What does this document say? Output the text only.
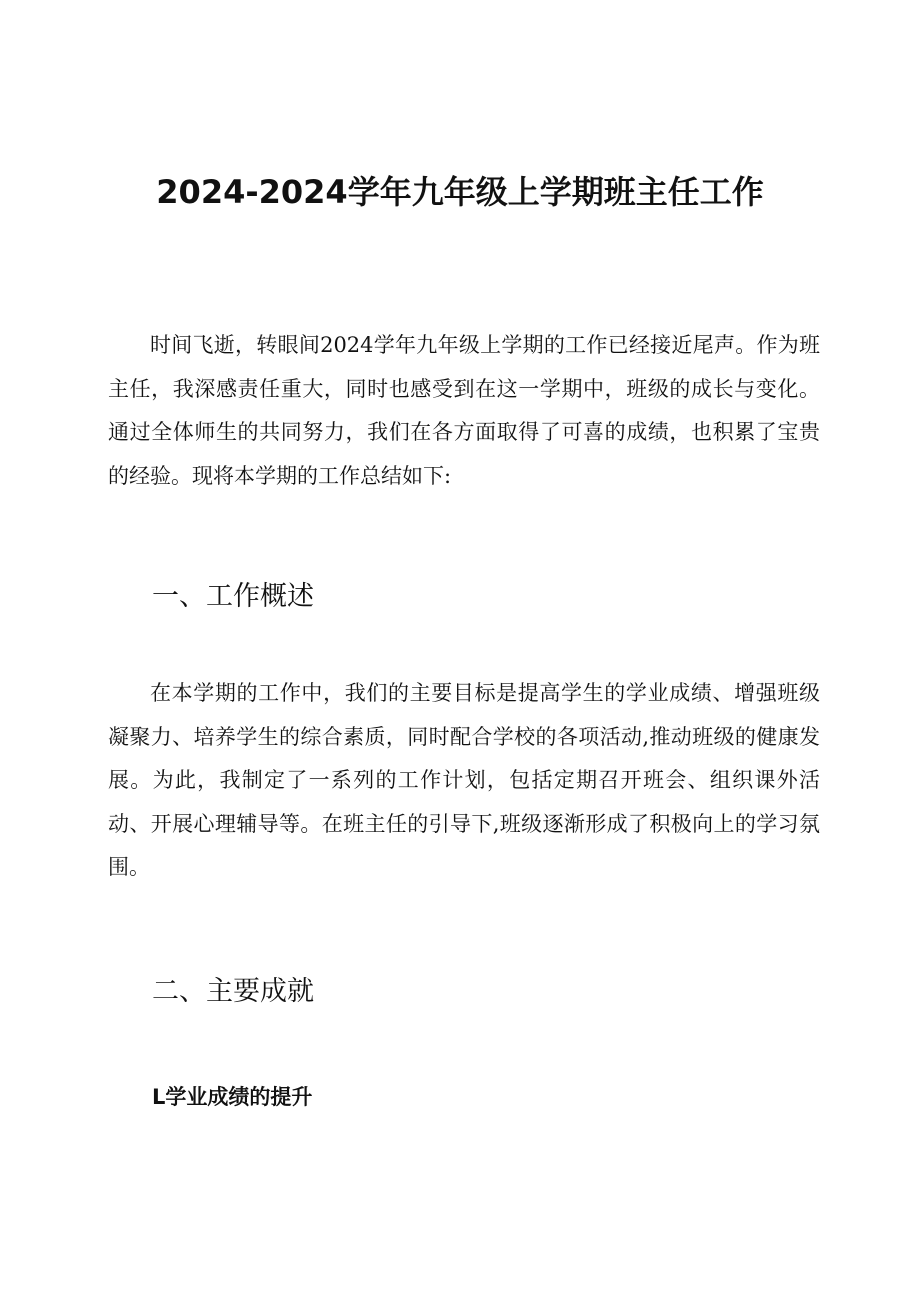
2024-2024学年九年级上学期班主任工作

时间飞逝，转眼间2024学年九年级上学期的工作已经接近尾声。作为班主任，我深感责任重大，同时也感受到在这一学期中，班级的成长与变化。通过全体师生的共同努力，我们在各方面取得了可喜的成绩，也积累了宝贵的经验。现将本学期的工作总结如下:

一、工作概述

在本学期的工作中，我们的主要目标是提高学生的学业成绩、增强班级凝聚力、培养学生的综合素质，同时配合学校的各项活动,推动班级的健康发展。为此，我制定了一系列的工作计划，包括定期召开班会、组织课外活动、开展心理辅导等。在班主任的引导下,班级逐渐形成了积极向上的学习氛围。

二、主要成就
L学业成绩的提升
